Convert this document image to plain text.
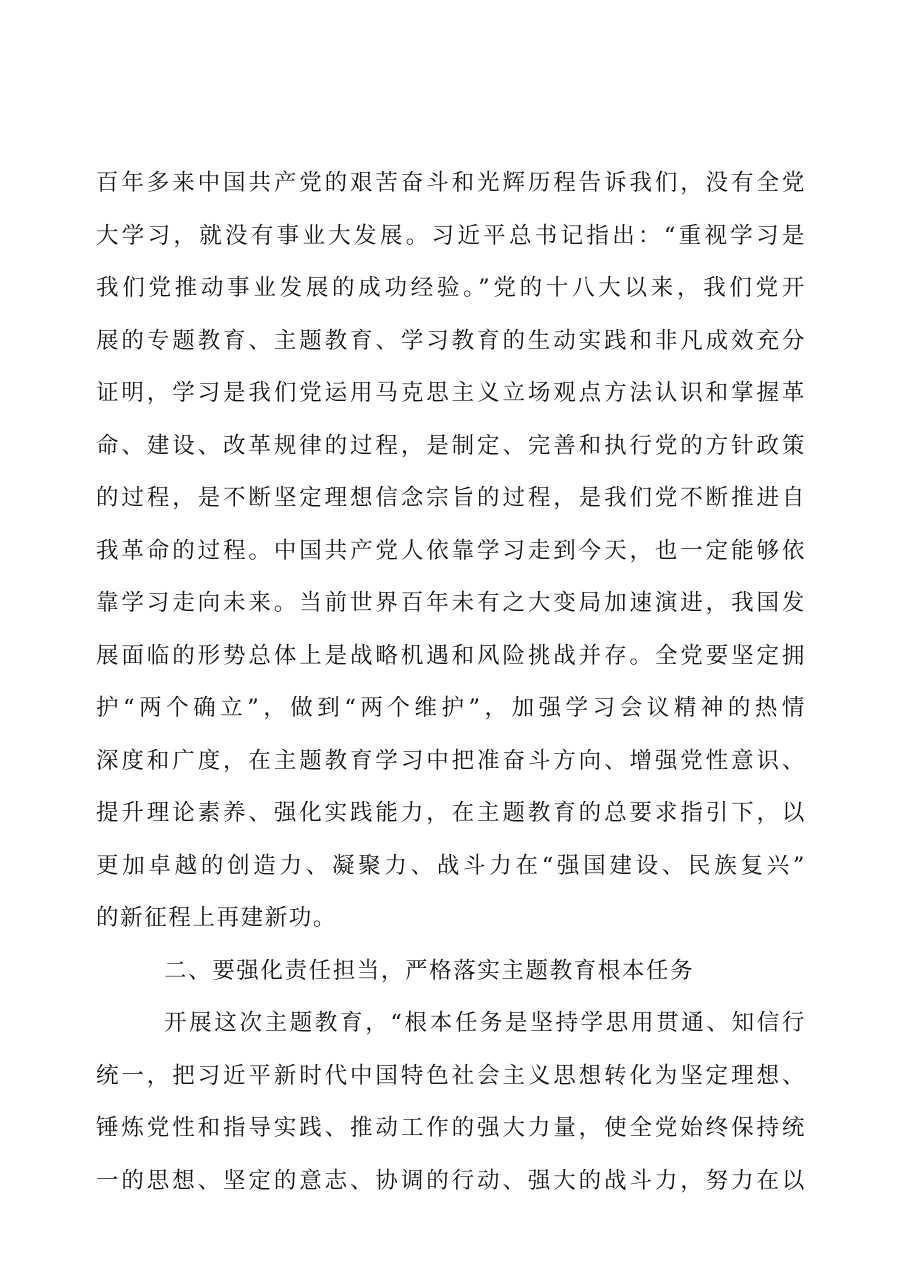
百年多来中国共产党的艰苦奋斗和光辉历程告诉我们，没有全党
大学习，就没有事业大发展。习近平总书记指出：“重视学习是
我们党推动事业发展的成功经验。”党的十八大以来，我们党开
展的专题教育、主题教育、学习教育的生动实践和非凡成效充分
证明，学习是我们党运用马克思主义立场观点方法认识和掌握革
命、建设、改革规律的过程，是制定、完善和执行党的方针政策
的过程，是不断坚定理想信念宗旨的过程，是我们党不断推进自
我革命的过程。中国共产党人依靠学习走到今天，也一定能够依
靠学习走向未来。当前世界百年未有之大变局加速演进，我国发
展面临的形势总体上是战略机遇和风险挑战并存。全党要坚定拥
护“两个确立”，做到“两个维护”，加强学习会议精神的热情
深度和广度，在主题教育学习中把准奋斗方向、增强党性意识、
提升理论素养、强化实践能力，在主题教育的总要求指引下，以
更加卓越的创造力、凝聚力、战斗力在“强国建设、民族复兴”
的新征程上再建新功。
二、要强化责任担当，严格落实主题教育根本任务
开展这次主题教育，“根本任务是坚持学思用贯通、知信行
统一，把习近平新时代中国特色社会主义思想转化为坚定理想、
锤炼党性和指导实践、推动工作的强大力量，使全党始终保持统
一的思想、坚定的意志、协调的行动、强大的战斗力，努力在以
